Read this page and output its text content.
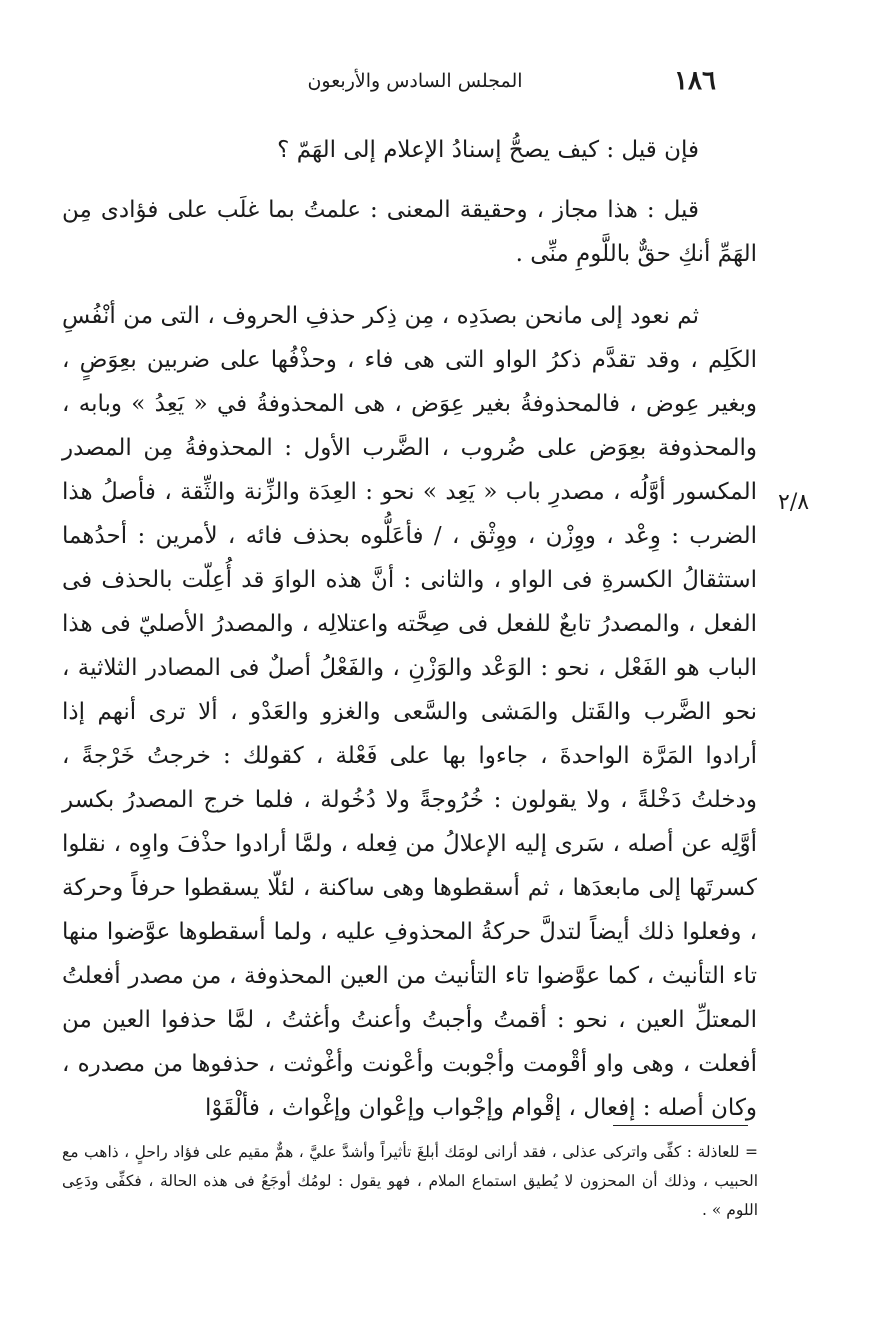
١٨٦
المجلس السادس والأربعون
٢/٨

فإن قيل : كيف يصحُّ إسنادُ الإعلام إلى الهَمّ ؟

قيل : هذا مجاز ، وحقيقة المعنى : علمتُ بما غلَب على فؤادى مِن الهَمِّ أنكِ حقٌّ باللَّومِ منِّى .

ثم نعود إلى مانحن بصدَدِه ، مِن ذِكر حذفِ الحروف ، التى من أنْفُسِ الكَلِم ، وقد تقدَّم ذكرُ الواو التى هى فاء ، وحذْفُها على ضربين بعِوَضٍ ، وبغير عِوض ، فالمحذوفةُ بغير عِوَض ، هى المحذوفةُ في « يَعِدُ » وبابه ، والمحذوفة بعِوَض على ضُروب ، الضَّرب الأول : المحذوفةُ مِن المصدر المكسور أوَّلُه ، مصدرِ باب « يَعِد » نحو : العِدَة والزِّنة والثِّقة ، فأصلُ هذا الضرب : وِعْد ، ووِزْن ، ووِثْق ، / فأعَلُّوه بحذف فائه ، لأمرين : أحدُهما استثقالُ الكسرةِ فى الواو ، والثانى : أنَّ هذه الواوَ قد أُعِلّت بالحذف فى الفعل ، والمصدرُ تابعٌ للفعل فى صِحَّته واعتلالِه ، والمصدرُ الأصليّ فى هذا الباب هو الفَعْل ، نحو : الوَعْد والوَزْنِ ، والفَعْلُ أصلٌ فى المصادر الثلاثية ، نحو الضَّرب والقَتل والمَشى والسَّعى والغزو والعَدْو ، ألا ترى أنهم إذا أرادوا المَرَّة الواحدةَ ، جاءوا بها على فَعْلة ، كقولك : خرجتُ خَرْجةً ، ودخلتُ دَخْلةً ، ولا يقولون : خُرُوجةً ولا دُخُولة ، فلما خرج المصدرُ بكسر أوَّلِه عن أصله ، سَرى إليه الإعلالُ من فِعله ، ولمَّا أرادوا حذْفَ واوِه ، نقلوا كسرتَها إلى مابعدَها ، ثم أسقطوها وهى ساكنة ، لئلّا يسقطوا حرفاً وحركة ، وفعلوا ذلك أيضاً لتدلَّ حركةُ المحذوفِ عليه ، ولما أسقطوها عوَّضوا منها تاء التأنيث ، كما عوَّضوا تاء التأنيث من العين المحذوفة ، من مصدر أفعلتُ المعتلِّ العين ، نحو : أقمتُ وأجبتُ وأعنتُ وأغثتُ ، لمَّا حذفوا العين من أفعلت ، وهى واو أقْومت وأجْوبت وأعْونت وأغْوثت ، حذفوها من مصدره ، وكان أصله : إفعال ، إقْوام وإجْواب وإعْوان وإغْواث ، فألْقَوْا

= للعاذلة : كفِّى واتركى عذلى ، فقد أرانى لومَك أبلغَ تأثيراً وأشدَّ عليَّ ، همٌّ مقيم على فؤاد راحلٍ ، ذاهب مع الحبيب ، وذلك أن المحزون لا يُطيق استماع الملام ، فهو يقول : لومُك أوجَعُ فى هذه الحالة ، فكفِّى ودَعِى اللوم » .
